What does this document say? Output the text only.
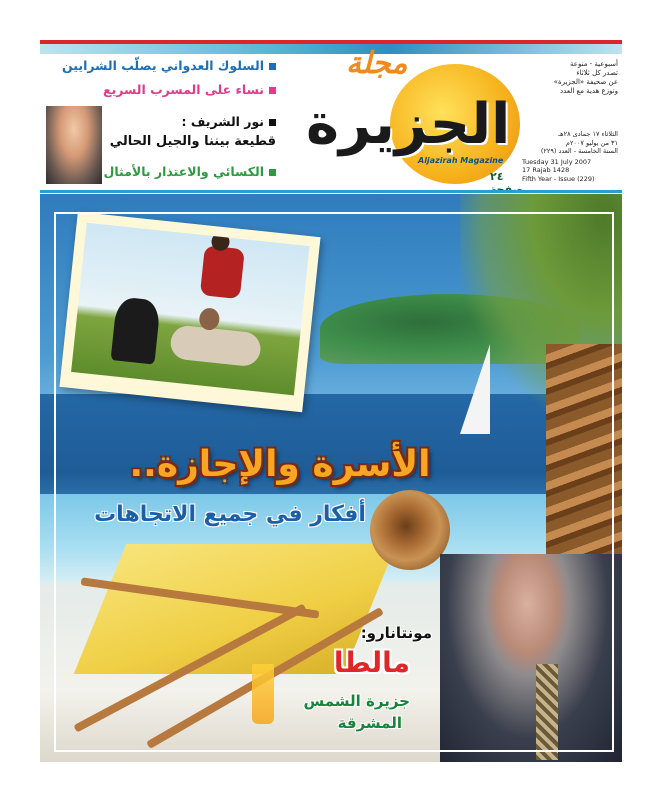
مجلة
الجزيرة
Aljazirah Magazine
٢٤
السلوك العدواني يصلّب الشرايين
نساء على المسرب السريع
نور الشريف :
قطيعة بيننا والجيل الحالي
الكسائي والاعتذار بالأمثال
أسبوعية - منوعة
تصدر كل ثلاثاء
عن صحيفة «الجزيرة»
وتوزع هدية مع العدد
الثلاثاء ١٧ جمادى ٢٨هـ
٣١ من يوليو ٢٠٠٧م
السنة الخامسة - العدد (٢٢٩)
Tuesday 31 July 2007
17 Rajab 1428
Fifth Year - Issue (229)
الأسرة والإجازة..
أفكار في جميع الاتجاهات
مونتانارو:
مالطا
جزيرة الشمس
المشرقة
